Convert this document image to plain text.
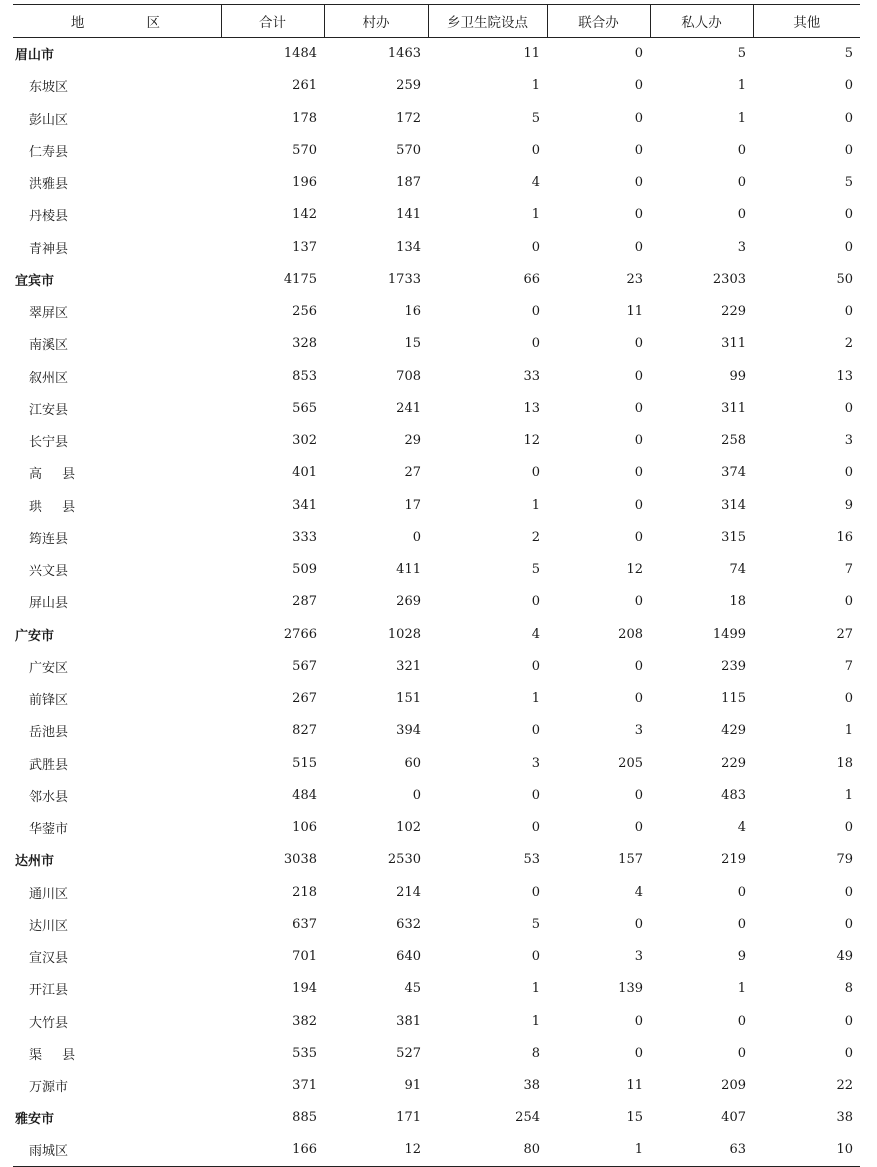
地　区	合计	村办	乡卫生院设点	联合办	私人办	其他
眉山市	1484	1463	11	0	5	5
东坡区	261	259	1	0	1	0
彭山区	178	172	5	0	1	0
仁寿县	570	570	0	0	0	0
洪雅县	196	187	4	0	0	5
丹棱县	142	141	1	0	0	0
青神县	137	134	0	0	3	0
宜宾市	4175	1733	66	23	2303	50
翠屏区	256	16	0	11	229	0
南溪区	328	15	0	0	311	2
叙州区	853	708	33	0	99	13
江安县	565	241	13	0	311	0
长宁县	302	29	12	0	258	3
高县	401	27	0	0	374	0
珙县	341	17	1	0	314	9
筠连县	333	0	2	0	315	16
兴文县	509	411	5	12	74	7
屏山县	287	269	0	0	18	0
广安市	2766	1028	4	208	1499	27
广安区	567	321	0	0	239	7
前锋区	267	151	1	0	115	0
岳池县	827	394	0	3	429	1
武胜县	515	60	3	205	229	18
邻水县	484	0	0	0	483	1
华蓥市	106	102	0	0	4	0
达州市	3038	2530	53	157	219	79
通川区	218	214	0	4	0	0
达川区	637	632	5	0	0	0
宣汉县	701	640	0	3	9	49
开江县	194	45	1	139	1	8
大竹县	382	381	1	0	0	0
渠县	535	527	8	0	0	0
万源市	371	91	38	11	209	22
雅安市	885	171	254	15	407	38
雨城区	166	12	80	1	63	10
